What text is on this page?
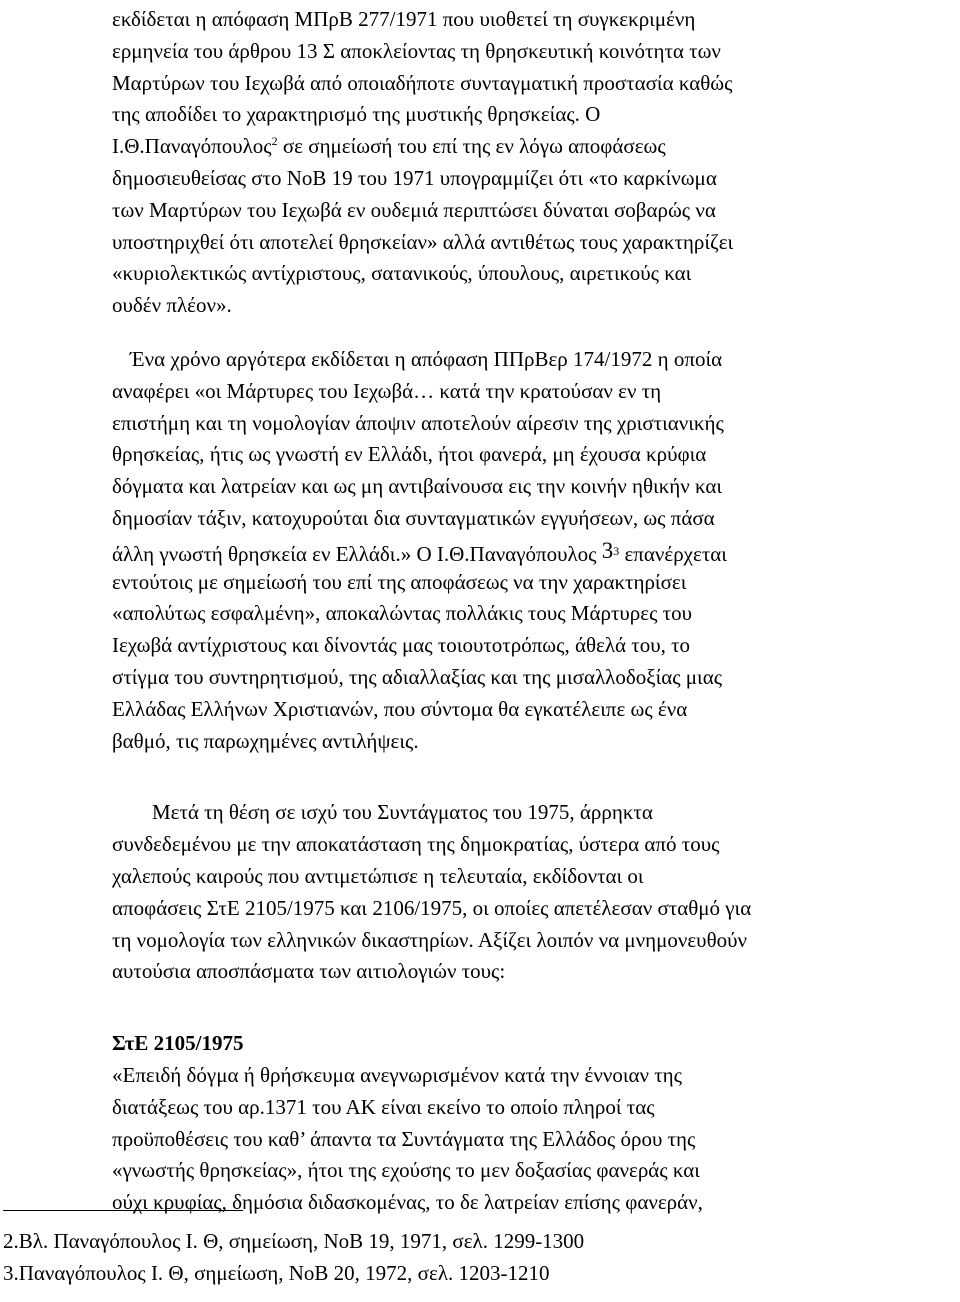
εκδίδεται η απόφαση ΜΠρΒ 277/1971 που υιοθετεί τη συγκεκριμένη
ερμηνεία του άρθρου 13 Σ αποκλείοντας τη θρησκευτική κοινότητα των
Μαρτύρων του Ιεχωβά από οποιαδήποτε συνταγματική προστασία καθώς
της αποδίδει το χαρακτηρισμό της μυστικής θρησκείας. Ο
Ι.Θ.Παναγόπουλος$^2$ σε σημείωσή του επί της εν λόγω αποφάσεως
δημοσιευθείσας στο ΝοΒ 19 του 1971 υπογραμμίζει ότι «το καρκίνωμα
των Μαρτύρων του Ιεχωβά εν ουδεμιά περιπτώσει δύναται σοβαρώς να
υποστηριχθεί ότι αποτελεί θρησκείαν» αλλά αντιθέτως τους χαρακτηρίζει
«κυριολεκτικώς αντίχριστους, σατανικούς, ύπουλους, αιρετικούς και
ουδέν πλέον».
Ένα χρόνο αργότερα εκδίδεται η απόφαση ΠΠρΒερ 174/1972 η οποία
αναφέρει «οι Μάρτυρες του Ιεχωβά… κατά την κρατούσαν εν τη
επιστήμη και τη νομολογίαν άποψιν αποτελούν αίρεσιν της χριστιανικής
θρησκείας, ήτις ως γνωστή εν Ελλάδι, ήτοι φανερά, μη έχουσα κρύφια
δόγματα και λατρείαν και ως μη αντιβαίνουσα εις την κοινήν ηθικήν και
δημοσίαν τάξιν, κατοχυρούται δια συνταγματικών εγγυήσεων, ως πάσα
άλλη γνωστή θρησκεία εν Ελλάδι.» Ο Ι.Θ.Παναγόπουλος $3^3$ επανέρχεται
εντούτοις με σημείωσή του επί της αποφάσεως να την χαρακτηρίσει
«απολύτως εσφαλμένη», αποκαλώντας πολλάκις τους Μάρτυρες του
Ιεχωβά αντίχριστους και δίνοντάς μας τοιουτοτρόπως, άθελά του, το
στίγμα του συντηρητισμού, της αδιαλλαξίας και της μισαλλοδοξίας μιας
Ελλάδας Ελλήνων Χριστιανών, που σύντομα θα εγκατέλειπε ως ένα
βαθμό, τις παρωχημένες αντιλήψεις.
Μετά τη θέση σε ισχύ του Συντάγματος του 1975, άρρηκτα
συνδεδεμένου με την αποκατάσταση της δημοκρατίας, ύστερα από τους
χαλεπούς καιρούς που αντιμετώπισε η τελευταία, εκδίδονται οι
αποφάσεις ΣτΕ 2105/1975 και 2106/1975, οι οποίες απετέλεσαν σταθμό για
τη νομολογία των ελληνικών δικαστηρίων. Αξίζει λοιπόν να μνημονευθούν
αυτούσια αποσπάσματα των αιτιολογιών τους:
ΣτΕ 2105/1975
«Επειδή δόγμα ή θρήσκευμα ανεγνωρισμένον κατά την έννοιαν της
διατάξεως του αρ.1371 του ΑΚ είναι εκείνο το οποίο πληροί τας
προϋποθέσεις του καθ’ άπαντα τα Συντάγματα της Ελλάδος όρου της
«γνωστής θρησκείας», ήτοι της εχούσης το μεν δοξασίας φανεράς και
ούχι κρυφίας, δημόσια διδασκομένας, το δε λατρείαν επίσης φανεράν,
2.Βλ. Παναγόπουλος Ι. Θ, σημείωση, ΝοΒ 19, 1971, σελ. 1299-1300
3.Παναγόπουλος Ι. Θ, σημείωση, ΝοΒ 20, 1972, σελ. 1203-1210
